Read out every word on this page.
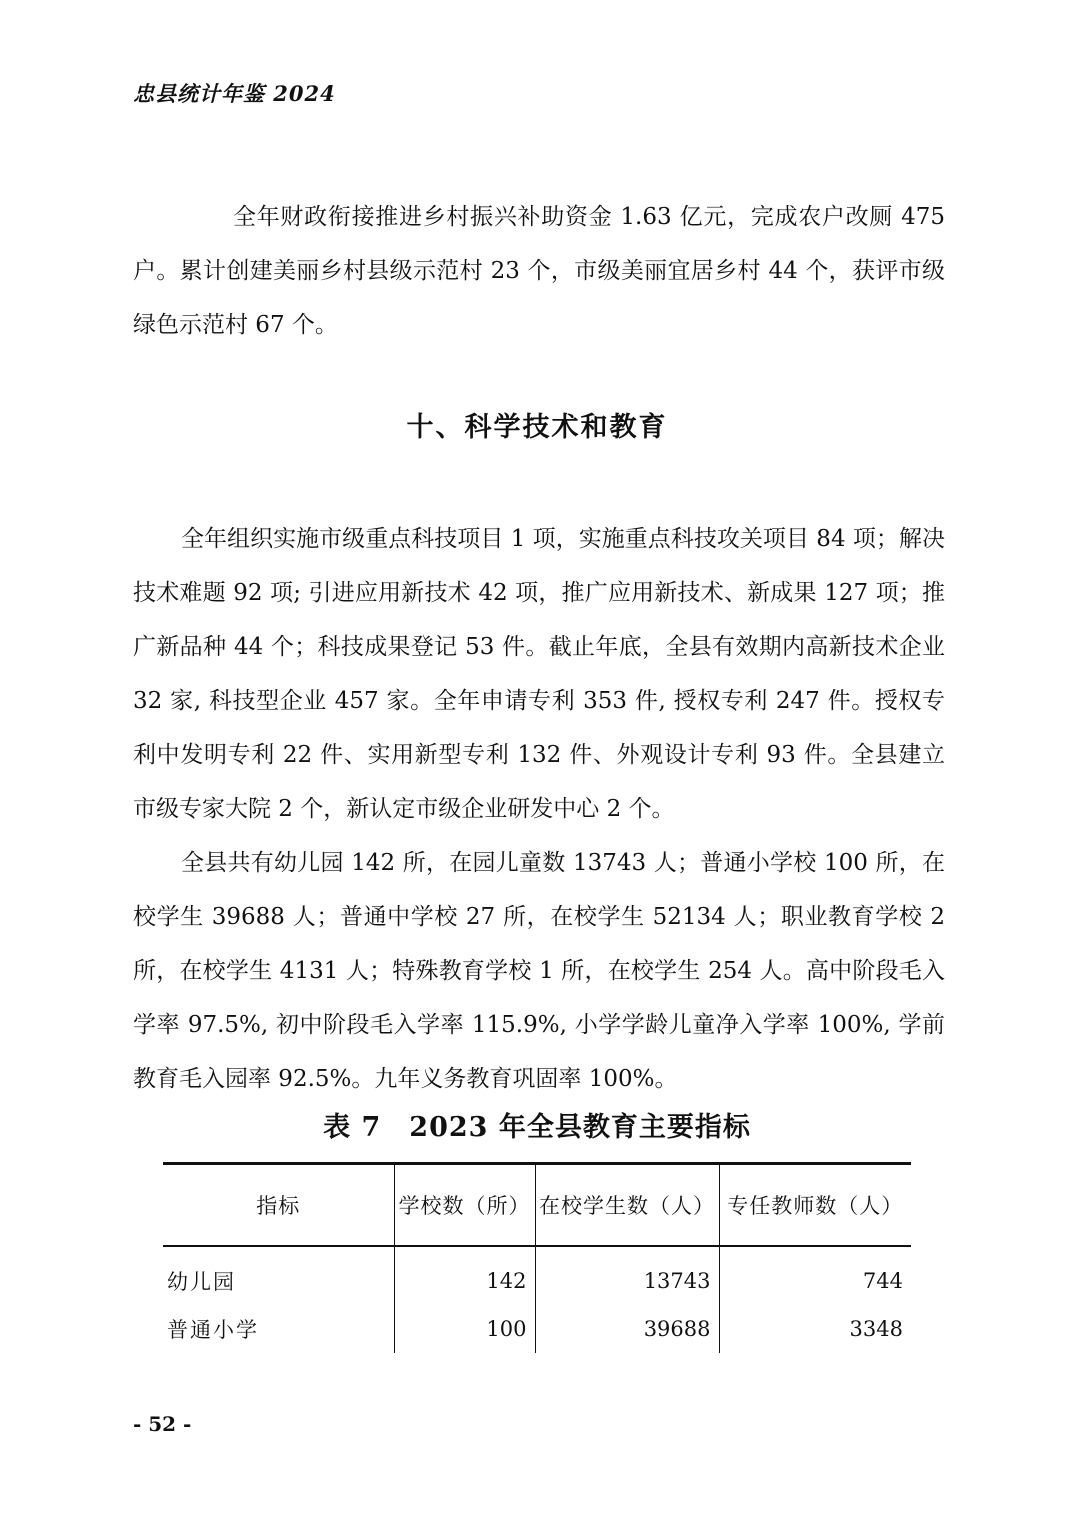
忠县统计年鉴 2024

全年财政衔接推进乡村振兴补助资金 1.63 亿元，完成农户改厕 475 户。累计创建美丽乡村县级示范村 23 个，市级美丽宜居乡村 44 个，获评市级绿色示范村 67 个。

十、科学技术和教育

全年组织实施市级重点科技项目 1 项，实施重点科技攻关项目 84 项；解决技术难题 92 项; 引进应用新技术 42 项，推广应用新技术、新成果 127 项；推广新品种 44 个；科技成果登记 53 件。截止年底，全县有效期内高新技术企业 32 家, 科技型企业 457 家。全年申请专利 353 件, 授权专利 247 件。授权专利中发明专利 22 件、实用新型专利 132 件、外观设计专利 93 件。全县建立市级专家大院 2 个，新认定市级企业研发中心 2 个。

全县共有幼儿园 142 所，在园儿童数 13743 人；普通小学校 100 所，在校学生 39688 人；普通中学校 27 所，在校学生 52134 人；职业教育学校 2 所，在校学生 4131 人；特殊教育学校 1 所，在校学生 254 人。高中阶段毛入学率 97.5%, 初中阶段毛入学率 115.9%, 小学学龄儿童净入学率 100%, 学前教育毛入园率 92.5%。九年义务教育巩固率 100%。

表 7　2023 年全县教育主要指标
指标	学校数（所）	在校学生数（人）	专任教师数（人）
幼儿园	142	13743	744
普通小学	100	39688	3348
- 52 -
